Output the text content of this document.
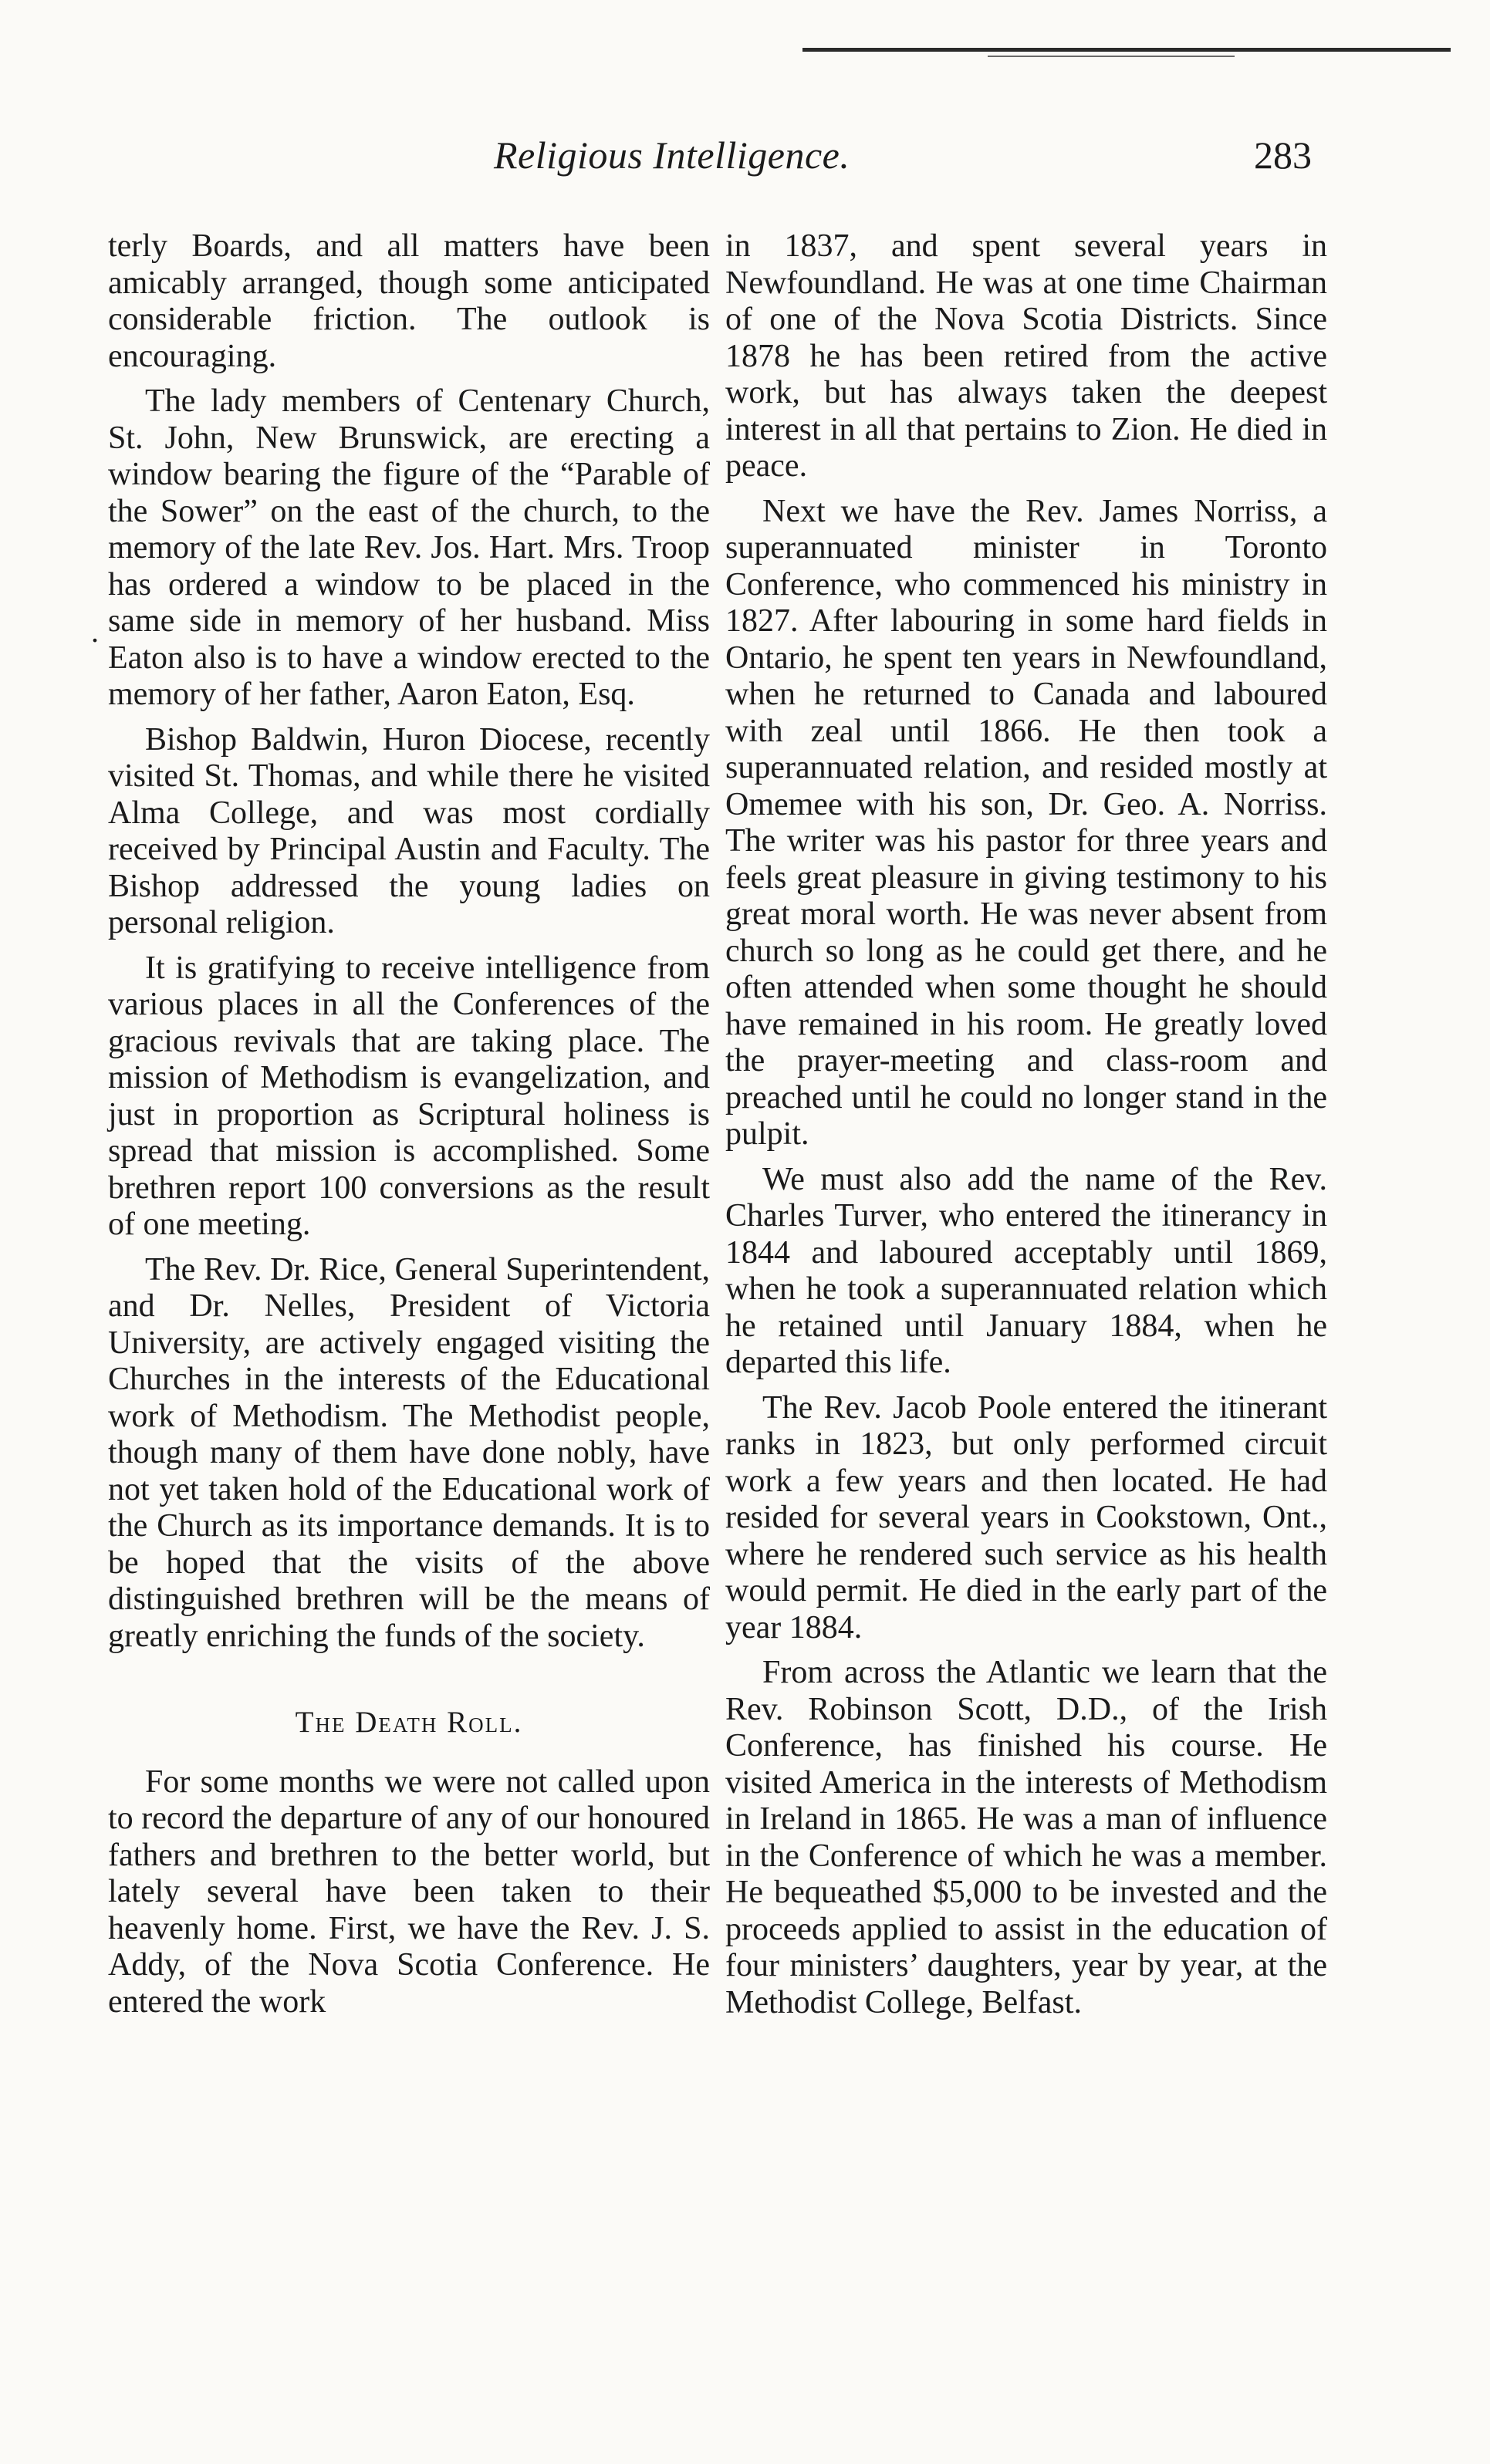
Religious Intelligence.	283
.

terly Boards, and all matters have been amicably arranged, though some anticipated considerable friction. The outlook is encouraging.

The lady members of Centenary Church, St. John, New Brunswick, are erecting a window bearing the figure of the “Parable of the Sower” on the east of the church, to the memory of the late Rev. Jos. Hart. Mrs. Troop has ordered a window to be placed in the same side in memory of her husband. Miss Eaton also is to have a window erected to the memory of her father, Aaron Eaton, Esq.

Bishop Baldwin, Huron Diocese, recently visited St. Thomas, and while there he visited Alma College, and was most cordially received by Principal Austin and Faculty. The Bishop addressed the young ladies on personal religion.

It is gratifying to receive intelligence from various places in all the Conferences of the gracious revivals that are taking place. The mission of Methodism is evangelization, and just in proportion as Scriptural holiness is spread that mission is accomplished. Some brethren report 100 conversions as the result of one meeting.

The Rev. Dr. Rice, General Superintendent, and Dr. Nelles, President of Victoria University, are actively engaged visiting the Churches in the interests of the Educational work of Methodism. The Methodist people, though many of them have done nobly, have not yet taken hold of the Educational work of the Church as its importance demands. It is to be hoped that the visits of the above distinguished brethren will be the means of greatly enriching the funds of the society.

The Death Roll.

For some months we were not called upon to record the departure of any of our honoured fathers and brethren to the better world, but lately several have been taken to their heavenly home. First, we have the Rev. J. S. Addy, of the Nova Scotia Conference. He entered the work

in 1837, and spent several years in Newfoundland. He was at one time Chairman of one of the Nova Scotia Districts. Since 1878 he has been retired from the active work, but has always taken the deepest interest in all that pertains to Zion. He died in peace.

Next we have the Rev. James Norriss, a superannuated minister in Toronto Conference, who commenced his ministry in 1827. After labouring in some hard fields in Ontario, he spent ten years in Newfoundland, when he returned to Canada and laboured with zeal until 1866. He then took a superannuated relation, and resided mostly at Omemee with his son, Dr. Geo. A. Norriss. The writer was his pastor for three years and feels great pleasure in giving testimony to his great moral worth. He was never absent from church so long as he could get there, and he often attended when some thought he should have remained in his room. He greatly loved the prayer-meeting and class-room and preached until he could no longer stand in the pulpit.

We must also add the name of the Rev. Charles Turver, who entered the itinerancy in 1844 and laboured acceptably until 1869, when he took a superannuated relation which he retained until January 1884, when he departed this life.

The Rev. Jacob Poole entered the itinerant ranks in 1823, but only performed circuit work a few years and then located. He had resided for several years in Cookstown, Ont., where he rendered such service as his health would permit. He died in the early part of the year 1884.

From across the Atlantic we learn that the Rev. Robinson Scott, D.D., of the Irish Conference, has finished his course. He visited America in the interests of Methodism in Ireland in 1865. He was a man of influence in the Conference of which he was a member. He bequeathed $5,000 to be invested and the proceeds applied to assist in the education of four ministers’ daughters, year by year, at the Methodist College, Belfast.
